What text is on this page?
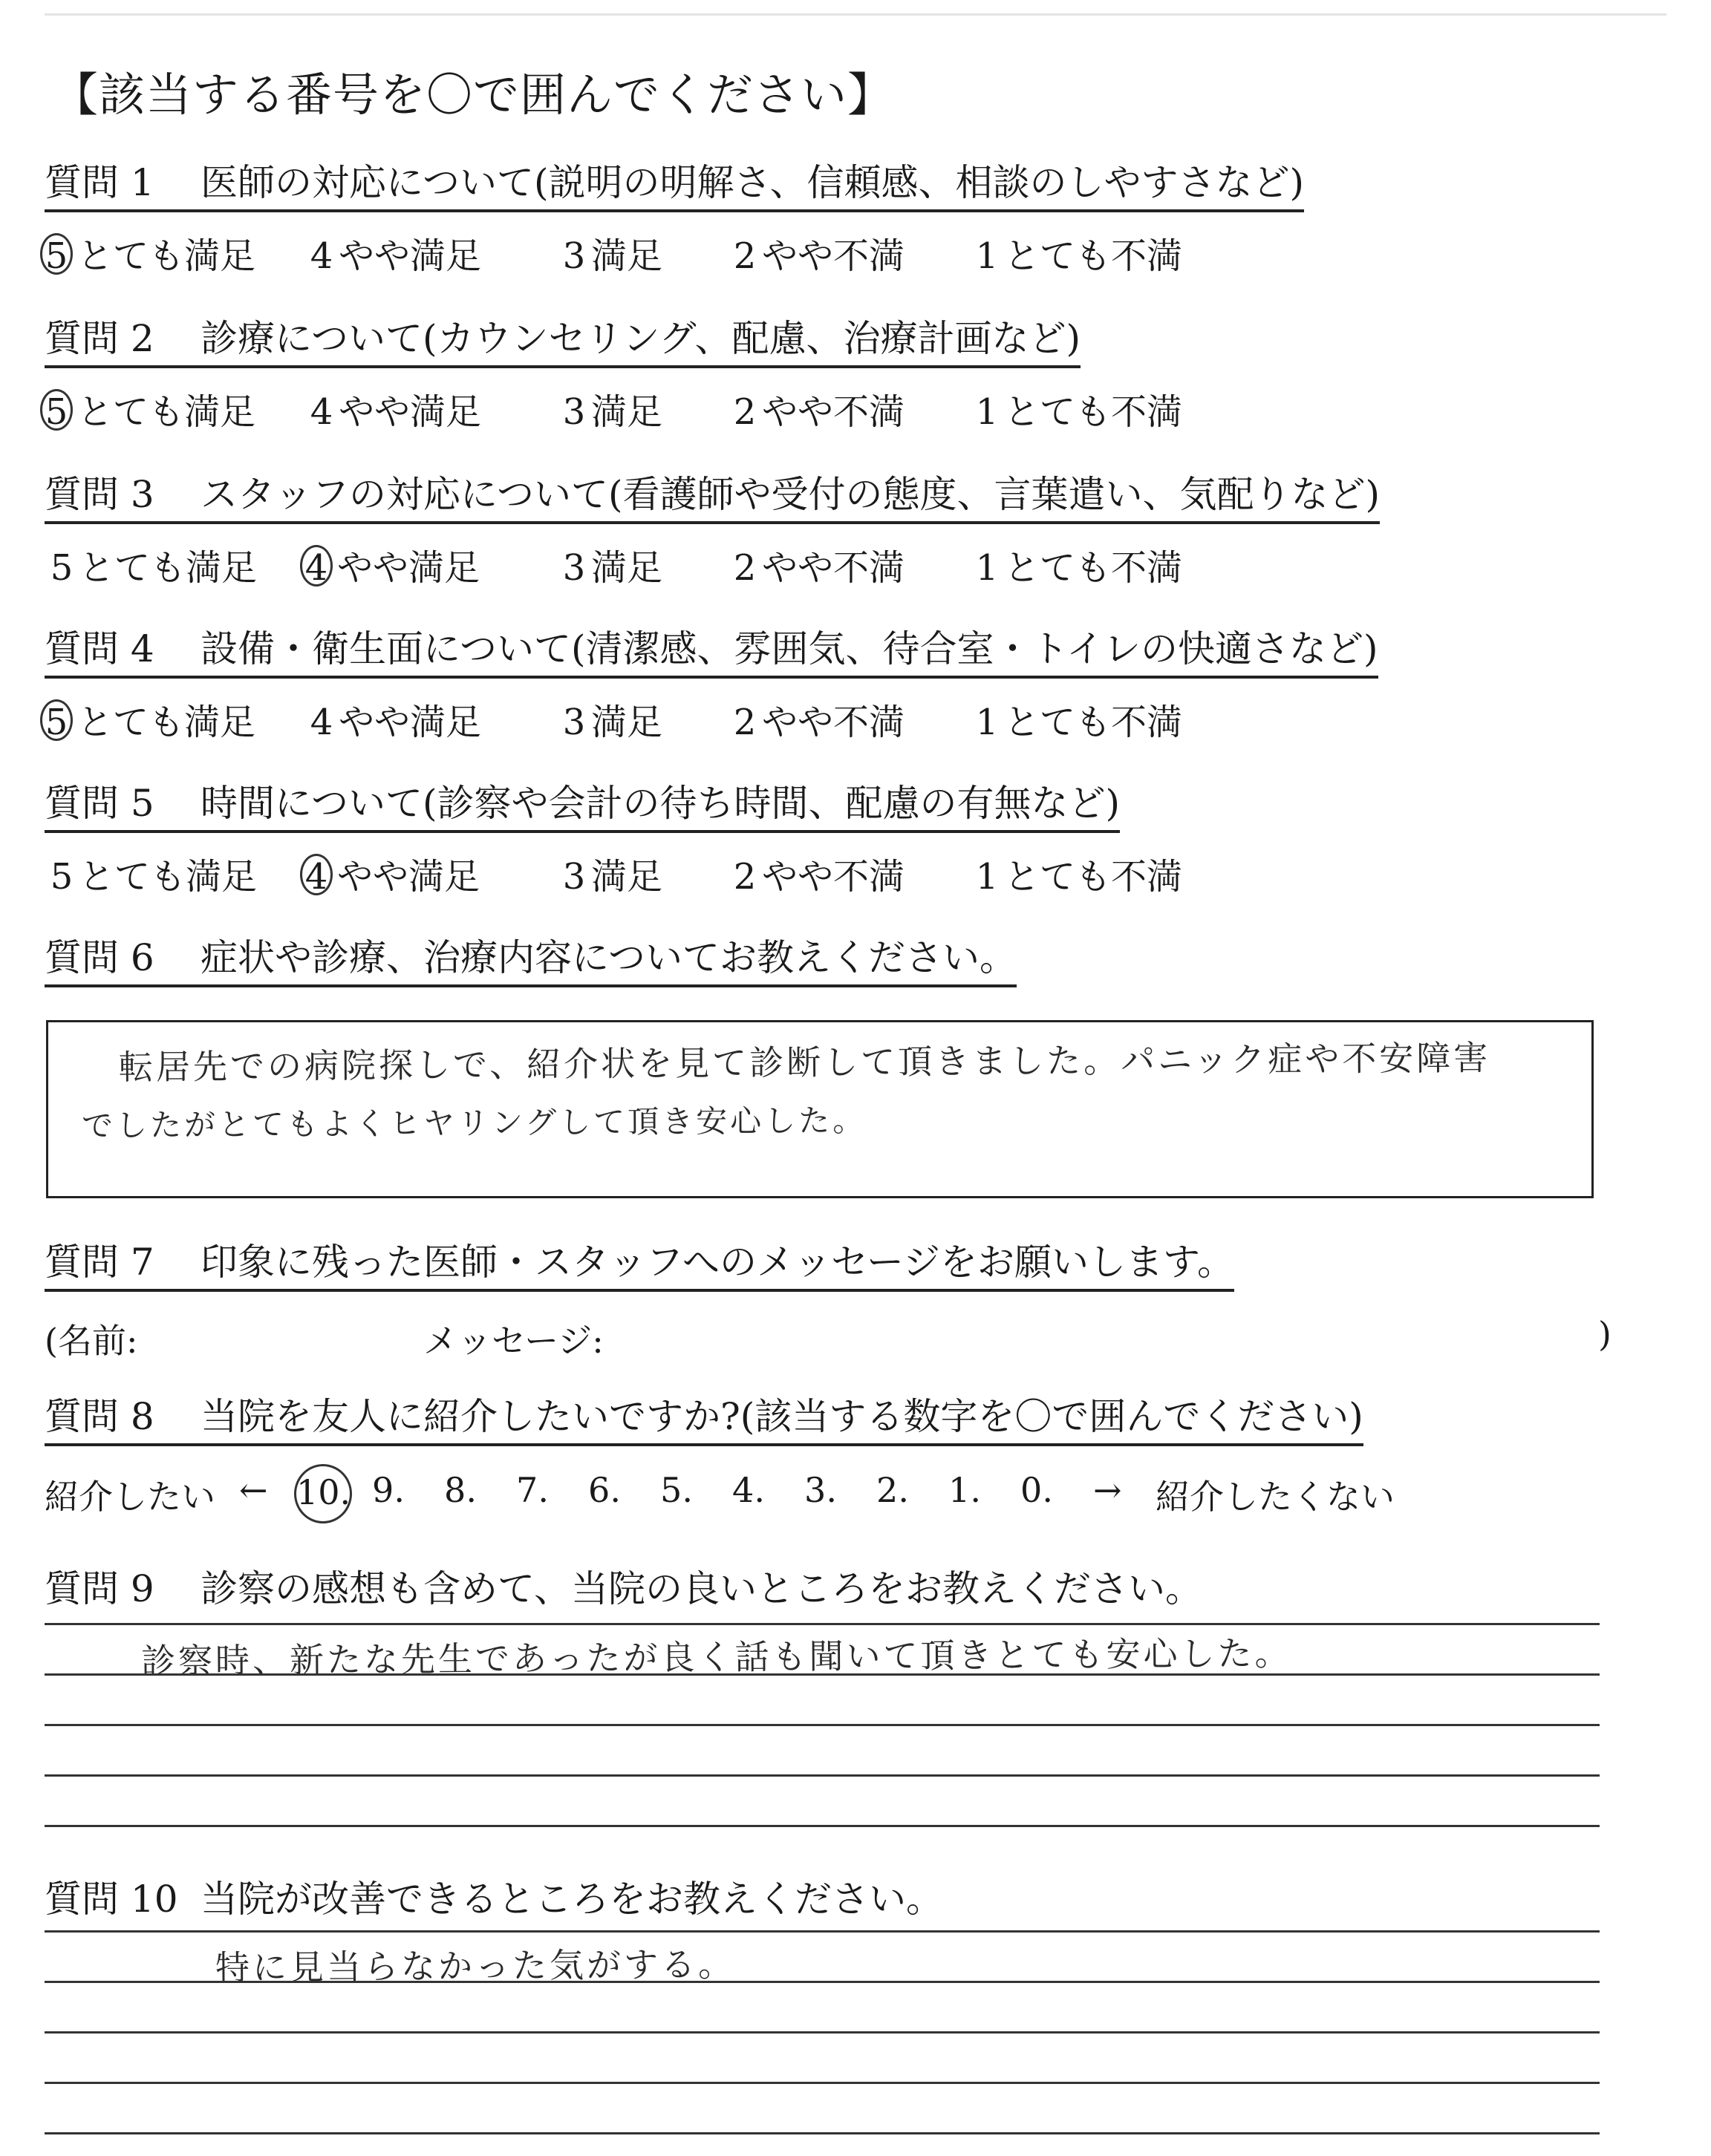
【該当する番号を〇で囲んでください】
質問 1 医師の対応について(説明の明解さ、信頼感、相談のしやすさなど)
5 とても満足 4 やや満足 3 満足 2 やや不満 1 とても不満
質問 2 診療について(カウンセリング、配慮、治療計画など)
5 とても満足 4 やや満足 3 満足 2 やや不満 1 とても不満
質問 3 スタッフの対応について(看護師や受付の態度、言葉遣い、気配りなど)
5 とても満足 4 やや満足 3 満足 2 やや不満 1 とても不満
質問 4 設備・衛生面について(清潔感、雰囲気、待合室・トイレの快適さなど)
5 とても満足 4 やや満足 3 満足 2 やや不満 1 とても不満
質問 5 時間について(診察や会計の待ち時間、配慮の有無など)
5 とても満足 4 やや満足 3 満足 2 やや不満 1 とても不満
質問 6 症状や診療、治療内容についてお教えください。
転居先での病院探しで、紹介状を見て診断して頂きました。パニック症や不安障害
でしたがとてもよくヒヤリングして頂き安心した。
質問 7 印象に残った医師・スタッフへのメッセージをお願いします。
(名前:	メッセージ:	)
質問 8 当院を友人に紹介したいですか?(該当する数字を〇で囲んでください)
紹介したい ←	→ 紹介したくない
10. 9. 8. 7. 6. 5. 4. 3. 2. 1. 0.
質問 9 診察の感想も含めて、当院の良いところをお教えください。
診察時、新たな先生であったが良く話も聞いて頂きとても安心した。
質問 10 当院が改善できるところをお教えください。
特に見当らなかった気がする。
